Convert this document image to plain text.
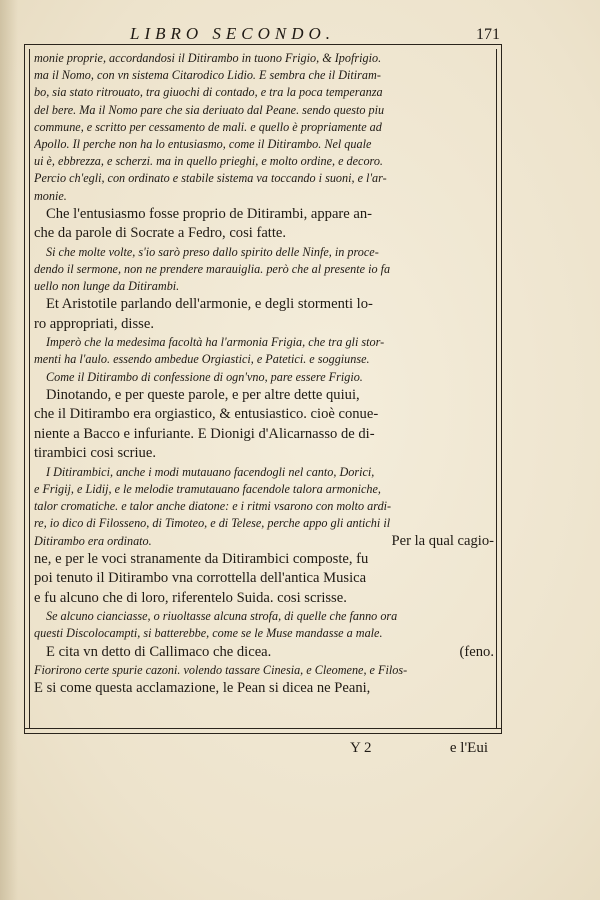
LIBRO SECONDO.	171
monie proprie, accordandosi il Ditirambo in tuono Frigio, & Ipofrigio.
ma il Nomo, con vn sistema Citarodico Lidio. E sembra che il Ditiram-
bo, sia stato ritrouato, tra giuochi di contado, e tra la poca temperanza
del bere. Ma il Nomo pare che sia deriuato dal Peane. sendo questo piu
commune, e scritto per cessamento de mali. e quello è propriamente ad
Apollo. Il perche non ha lo entusiasmo, come il Ditirambo. Nel quale
ui è, ebbrezza, e scherzi. ma in quello prieghi, e molto ordine, e decoro.
Percio ch'egli, con ordinato e stabile sistema va toccando i suoni, e l'ar-
monie.
Che l'entusiasmo fosse proprio de Ditirambi, appare an-
che da parole di Socrate a Fedro, cosi fatte.
Si che molte volte, s'io sarò preso dallo spirito delle Ninfe, in proce-
dendo il sermone, non ne prendere marauiglia. però che al presente io fa
uello non lunge da Ditirambi.
Et Aristotile parlando dell'armonie, e degli stormenti lo-
ro appropriati, disse.
Imperò che la medesima facoltà ha l'armonia Frigia, che tra gli stor-
menti ha l'aulo. essendo ambedue Orgiastici, e Patetici. e soggiunse.
Come il Ditirambo di confessione di ogn'vno, pare essere Frigio.
Dinotando, e per queste parole, e per altre dette quiui,
che il Ditirambo era orgiastico, & entusiastico. cioè conue-
niente a Bacco e infuriante. E Dionigi d'Alicarnasso de di-
tirambici cosi scriue.
I Ditirambici, anche i modi mutauano facendogli nel canto, Dorici,
e Frigij, e Lidij, e le melodie tramutauano facendole talora armoniche,
talor cromatiche. e talor anche diatone: e i ritmi vsarono con molto ardi-
re, io dico di Filosseno, di Timoteo, e di Telese, perche appo gli antichi il
Ditirambo era ordinato.	Per la qual cagio-
ne, e per le voci stranamente da Ditirambici composte, fu
poi tenuto il Ditirambo vna corrottella dell'antica Musica
e fu alcuno che di loro, riferentelo Suida. cosi scrisse.
Se alcuno cianciasse, o riuoltasse alcuna strofa, di quelle che fanno ora
questi Discolocampti, si batterebbe, come se le Muse mandasse a male.
E cita vn detto di Callimaco che dicea.	(feno.
Fiorirono certe spurie cazoni. volendo tassare Cinesia, e Cleomene, e Filos-
E si come questa acclamazione, le Pean si dicea ne Peani,
Y 2	e l'Eui
